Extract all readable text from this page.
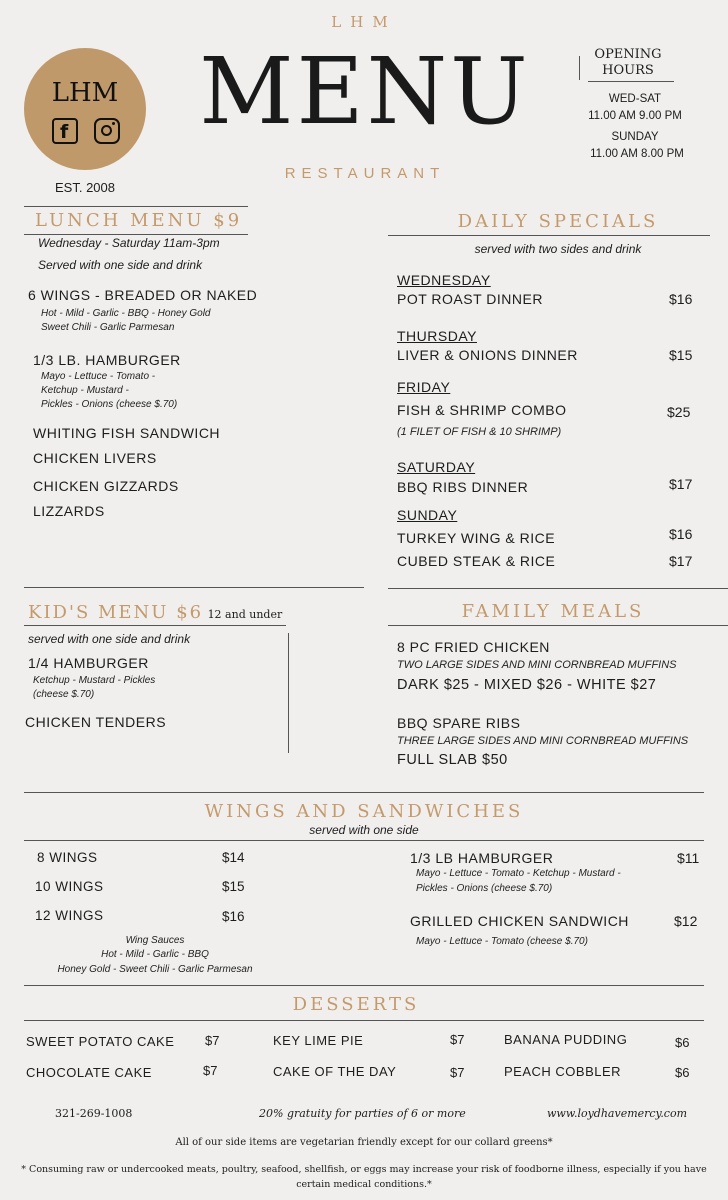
LHM
LHM
f
EST. 2008
MENU
RESTAURANT
OPENING
HOURS
WED-SAT
11.00 AM 9.00 PM
SUNDAY
11.00 AM 8.00 PM
LUNCH MENU $9
Wednesday - Saturday 11am-3pm
Served with one side and drink
6 WINGS - BREADED OR NAKED
Hot - Mild - Garlic - BBQ - Honey Gold
Sweet Chili - Garlic Parmesan
1/3 LB. HAMBURGER
Mayo - Lettuce - Tomato -
Ketchup - Mustard -
Pickles - Onions (cheese $.70)
WHITING FISH SANDWICH
CHICKEN LIVERS
CHICKEN GIZZARDS
LIZZARDS
DAILY SPECIALS
served with two sides and drink
WEDNESDAY
POT ROAST DINNER	$16
THURSDAY
LIVER & ONIONS DINNER	$15
FRIDAY
FISH & SHRIMP COMBO	$25
(1 FILET OF FISH & 10 SHRIMP)
SATURDAY
BBQ RIBS DINNER	$17
SUNDAY
TURKEY WING & RICE	$16
CUBED STEAK & RICE	$17
KID'S MENU $6 12 and under
served with one side and drink
1/4 HAMBURGER
Ketchup - Mustard - Pickles
(cheese $.70)
CHICKEN TENDERS
FAMILY MEALS
8 PC FRIED CHICKEN
TWO LARGE SIDES AND MINI CORNBREAD MUFFINS
DARK $25 - MIXED $26 - WHITE $27
BBQ SPARE RIBS
THREE LARGE SIDES AND MINI CORNBREAD MUFFINS
FULL SLAB $50
WINGS AND SANDWICHES
served with one side
8 WINGS	$14
10 WINGS	$15
12 WINGS	$16
Wing Sauces
Hot - Mild - Garlic - BBQ
Honey Gold - Sweet Chili - Garlic Parmesan
1/3 LB HAMBURGER	$11
Mayo - Lettuce - Tomato - Ketchup - Mustard -
Pickles - Onions (cheese $.70)
GRILLED CHICKEN SANDWICH	$12
Mayo - Lettuce - Tomato (cheese $.70)
DESSERTS
SWEET POTATO CAKE $7
CHOCOLATE CAKE	$7
KEY LIME PIE	$7
CAKE OF THE DAY	$7
BANANA PUDDING	$6
PEACH COBBLER	$6
321-269-1008	20% gratuity for parties of 6 or more	www.loydhavemercy.com
All of our side items are vegetarian friendly except for our collard greens*
* Consuming raw or undercooked meats, poultry, seafood, shellfish, or eggs may increase your risk of foodborne illness, especially if you have
certain medical conditions.*
